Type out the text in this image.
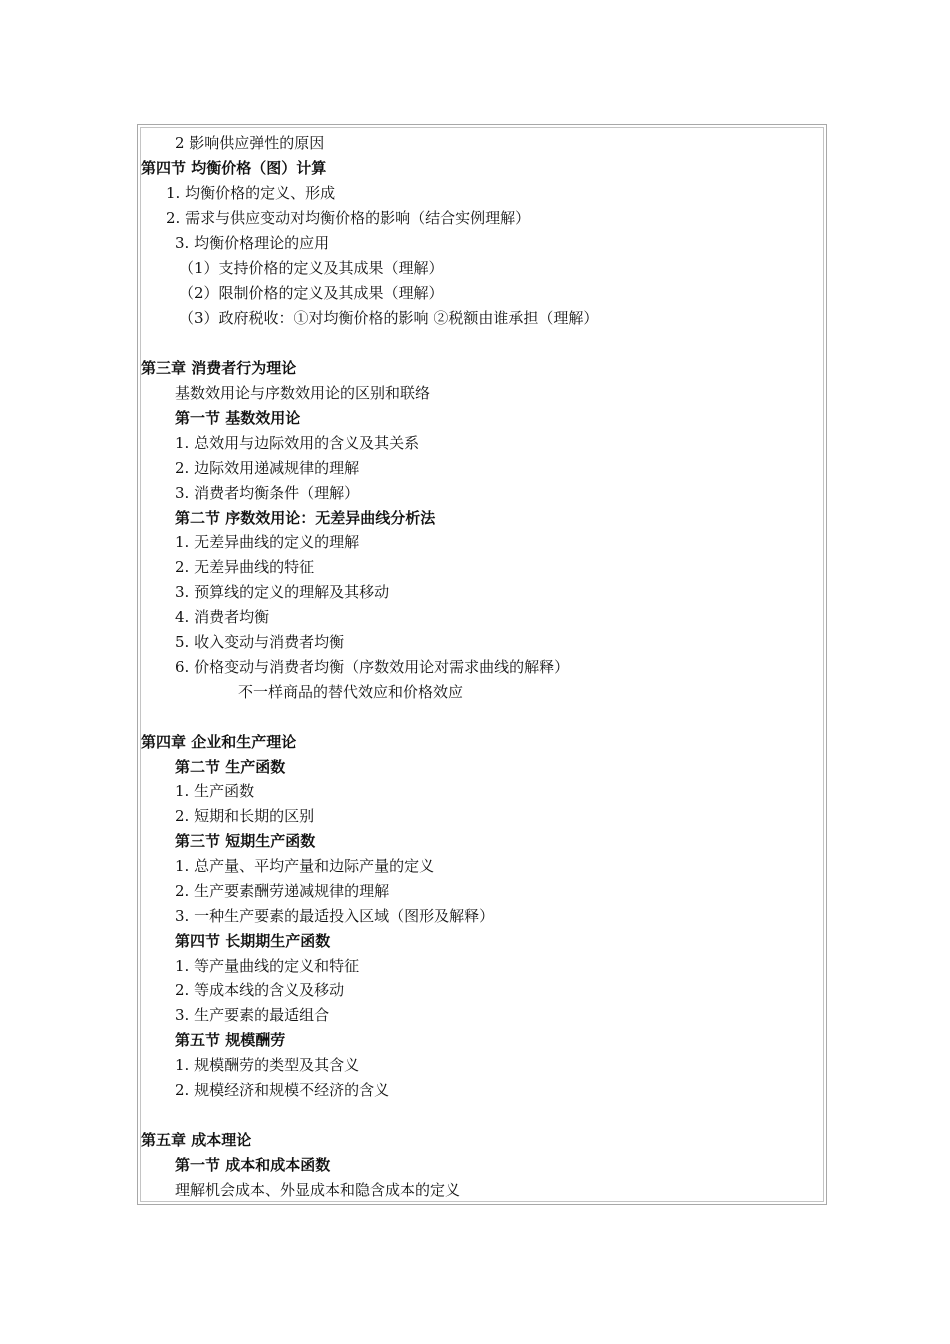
2 影响供应弹性的原因
第四节 均衡价格（图）计算
1. 均衡价格的定义、形成
2. 需求与供应变动对均衡价格的影响（结合实例理解）
3. 均衡价格理论的应用
（1）支持价格的定义及其成果（理解）
（2）限制价格的定义及其成果（理解）
（3）政府税收：①对均衡价格的影响 ②税额由谁承担（理解）
第三章 消费者行为理论
基数效用论与序数效用论的区别和联络
第一节 基数效用论
1. 总效用与边际效用的含义及其关系
2. 边际效用递减规律的理解
3. 消费者均衡条件（理解）
第二节 序数效用论：无差异曲线分析法
1. 无差异曲线的定义的理解
2. 无差异曲线的特征
3. 预算线的定义的理解及其移动
4. 消费者均衡
5. 收入变动与消费者均衡
6. 价格变动与消费者均衡（序数效用论对需求曲线的解释）
不一样商品的替代效应和价格效应
第四章 企业和生产理论
第二节 生产函数
1. 生产函数
2. 短期和长期的区别
第三节 短期生产函数
1. 总产量、平均产量和边际产量的定义
2. 生产要素酬劳递减规律的理解
3. 一种生产要素的最适投入区域（图形及解释）
第四节 长期期生产函数
1. 等产量曲线的定义和特征
2. 等成本线的含义及移动
3. 生产要素的最适组合
第五节 规模酬劳
1. 规模酬劳的类型及其含义
2. 规模经济和规模不经济的含义
第五章 成本理论
第一节 成本和成本函数
理解机会成本、外显成本和隐含成本的定义
